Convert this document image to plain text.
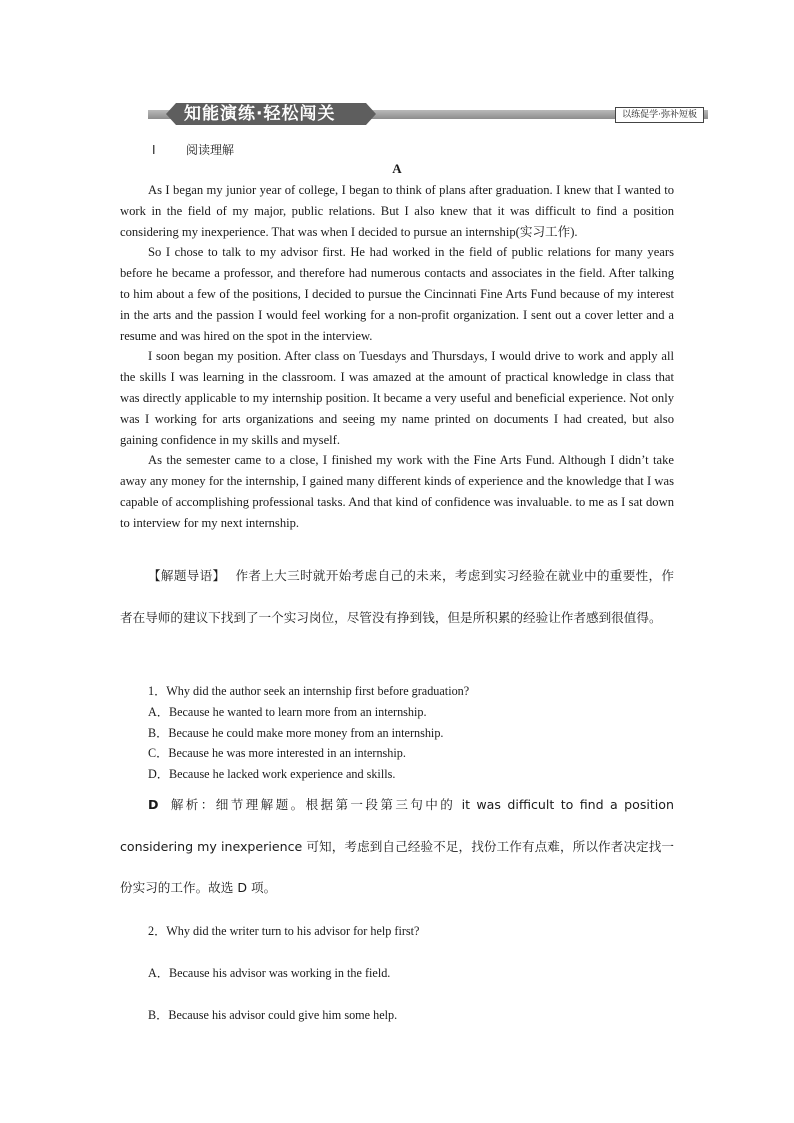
知能演练·轻松闯关	以练促学·弥补短板
Ⅰ	阅读理解
A

As I began my junior year of college, I began to think of plans after graduation. I knew that I wanted to work in the field of my major, public relations. But I also knew that it was difficult to find a position considering my inexperience. That was when I decided to pursue an internship(实习工作).

So I chose to talk to my advisor first. He had worked in the field of public relations for many years before he became a professor, and therefore had numerous contacts and associates in the field. After talking to him about a few of the positions, I decided to pursue the Cincinnati Fine Arts Fund because of my interest in the arts and the passion I would feel working for a non-profit organization. I sent out a cover letter and a resume and was hired on the spot in the interview.

I soon began my position. After class on Tuesdays and Thursdays, I would drive to work and apply all the skills I was learning in the classroom. I was amazed at the amount of practical knowledge in class that was directly applicable to my internship position. It became a very useful and beneficial experience. Not only was I working for arts organizations and seeing my name printed on documents I had created, but also gaining confidence in my skills and myself.

As the semester came to a close, I finished my work with the Fine Arts Fund. Although I didn’t take away any money for the internship, I gained many different kinds of experience and the knowledge that I was capable of accomplishing professional tasks. And that kind of confidence was invaluable. to me as I sat down to interview for my next internship.

【解题导语】 作者上大三时就开始考虑自己的未来，考虑到实习经验在就业中的重要性，作者在导师的建议下找到了一个实习岗位，尽管没有挣到钱，但是所积累的经验让作者感到很值得。
1．Why did the author seek an internship first before graduation?
A．Because he wanted to learn more from an internship.
B．Because he could make more money from an internship.
C．Because he was more interested in an internship.
D．Because he lacked work experience and skills.
D 解析：细节理解题。根据第一段第三句中的 it was difficult to find a position considering my inexperience 可知，考虑到自己经验不足，找份工作有点难，所以作者决定找一份实习的工作。故选 D 项。
2．Why did the writer turn to his advisor for help first?
A．Because his advisor was working in the field.
B．Because his advisor could give him some help.
